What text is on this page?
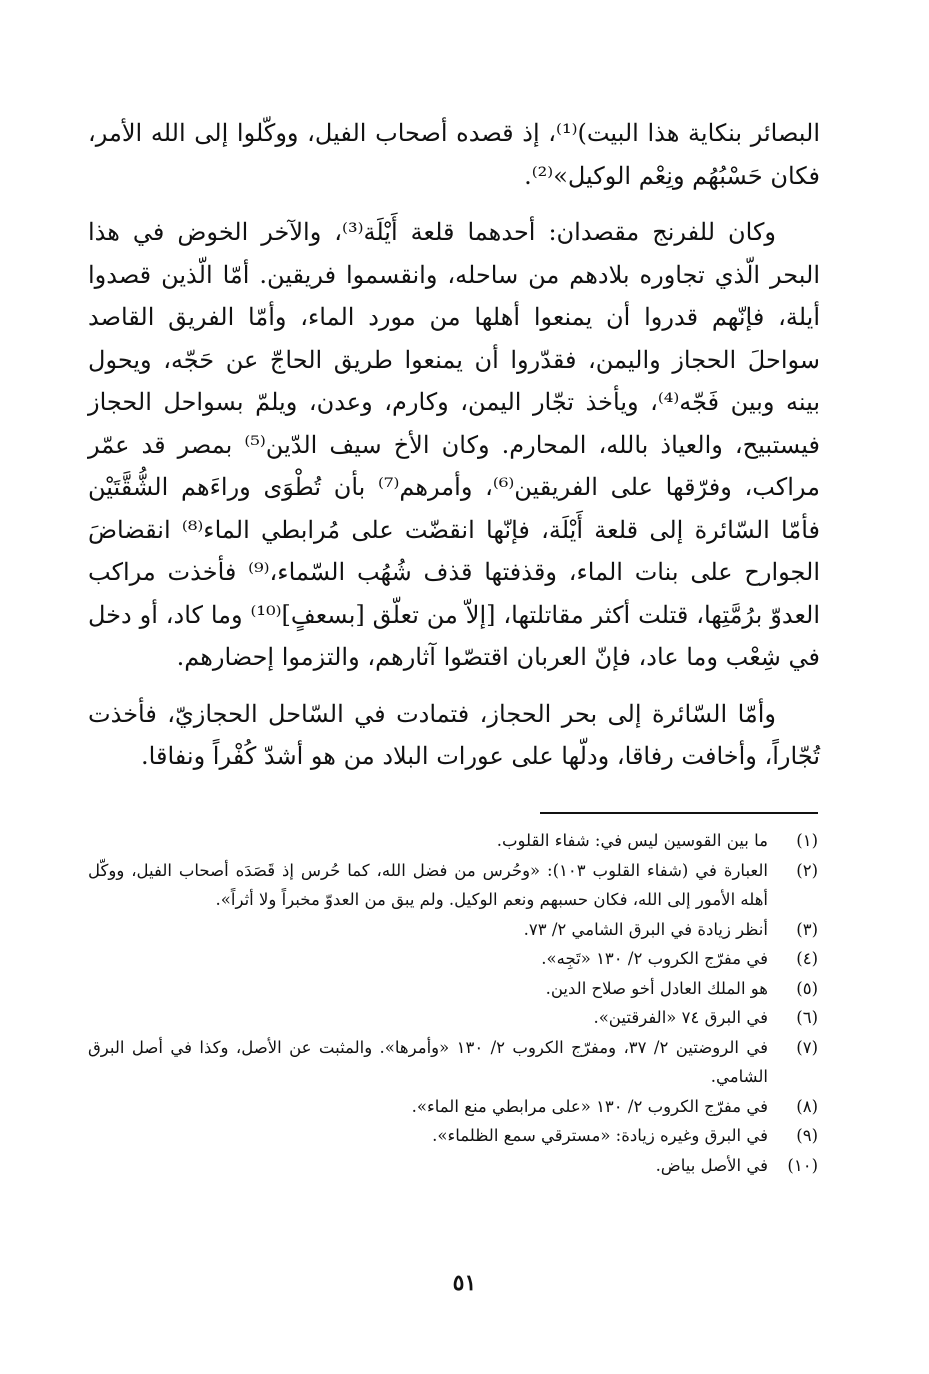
البصائر بنكاية هذا البيت)⁽¹⁾، إذ قصده أصحاب الفيل، ووكّلوا إلى الله الأمر، فكان حَسْبُهُم ونِعْم الوكيل»⁽²⁾.

وكان للفرنج مقصدان: أحدهما قلعة أَيْلَة⁽³⁾، والآخر الخوض في هذا البحر الّذي تجاوره بلادهم من ساحله، وانقسموا فريقين. أمّا الّذين قصدوا أيلة، فإنّهم قدروا أن يمنعوا أهلها من مورد الماء، وأمّا الفريق القاصد سواحلَ الحجاز واليمن، فقدّروا أن يمنعوا طريق الحاجّ عن حَجّه، ويحول بينه وبين فَجّه⁽⁴⁾، ويأخذ تجّار اليمن، وكارم، وعدن، ويلمّ بسواحل الحجاز فيستبيح، والعياذ بالله، المحارم. وكان الأخ سيف الدّين⁽⁵⁾ بمصر قد عمّر مراكب، وفرّقها على الفريقين⁽⁶⁾، وأمرهم⁽⁷⁾ بأن تُطْوَى وراءَهم الشُّقَّتَيْن فأمّا السّائرة إلى قلعة أَيْلَة، فإنّها انقضّت على مُرابطي الماء⁽⁸⁾ انقضاضَ الجوارح على بنات الماء، وقذفتها قذف شُهُب السّماء،⁽⁹⁾ فأخذت مراكب العدوّ برُمَّتِها، قتلت أكثر مقاتلتها، [إلاّ من تعلّق [بسعفٍ]⁽¹⁰⁾ وما كاد، أو دخل في شِعْب وما عاد، فإنّ العربان اقتصّوا آثارهم، والتزموا إحضارهم.

وأمّا السّائرة إلى بحر الحجاز، فتمادت في السّاحل الحجازيّ، فأخذت تُجّاراً، وأخافت رفاقا، ودلّها على عورات البلاد من هو أشدّ كُفْراً ونفاقا.

(١)
ما بين القوسين ليس في: شفاء القلوب.
(٢)
العبارة في (شفاء القلوب ١٠٣): «وحُرس من فضل الله، كما حُرس إذ قَصَدَه أصحاب الفيل، ووكّل أهله الأمور إلى الله، فكان حسبهم ونعم الوكيل. ولم يبق من العدوّ مخبراً ولا أثراً».
(٣)
أنظر زيادة في البرق الشامي ٢/ ٧٣.
(٤)
في مفرّج الكروب ٢/ ١٣٠ «تَجِه».
(٥)
هو الملك العادل أخو صلاح الدين.
(٦)
في البرق ٧٤ «الفرقتين».
(٧)
في الروضتين ٢/ ٣٧، ومفرّج الكروب ٢/ ١٣٠ «وأمرها». والمثبت عن الأصل، وكذا في أصل البرق الشامي.
(٨)
في مفرّج الكروب ٢/ ١٣٠ «على مرابطي منع الماء».
(٩)
في البرق وغيره زيادة: «مسترقي سمع الظلماء».
(١٠)
في الأصل بياض.
٥١
